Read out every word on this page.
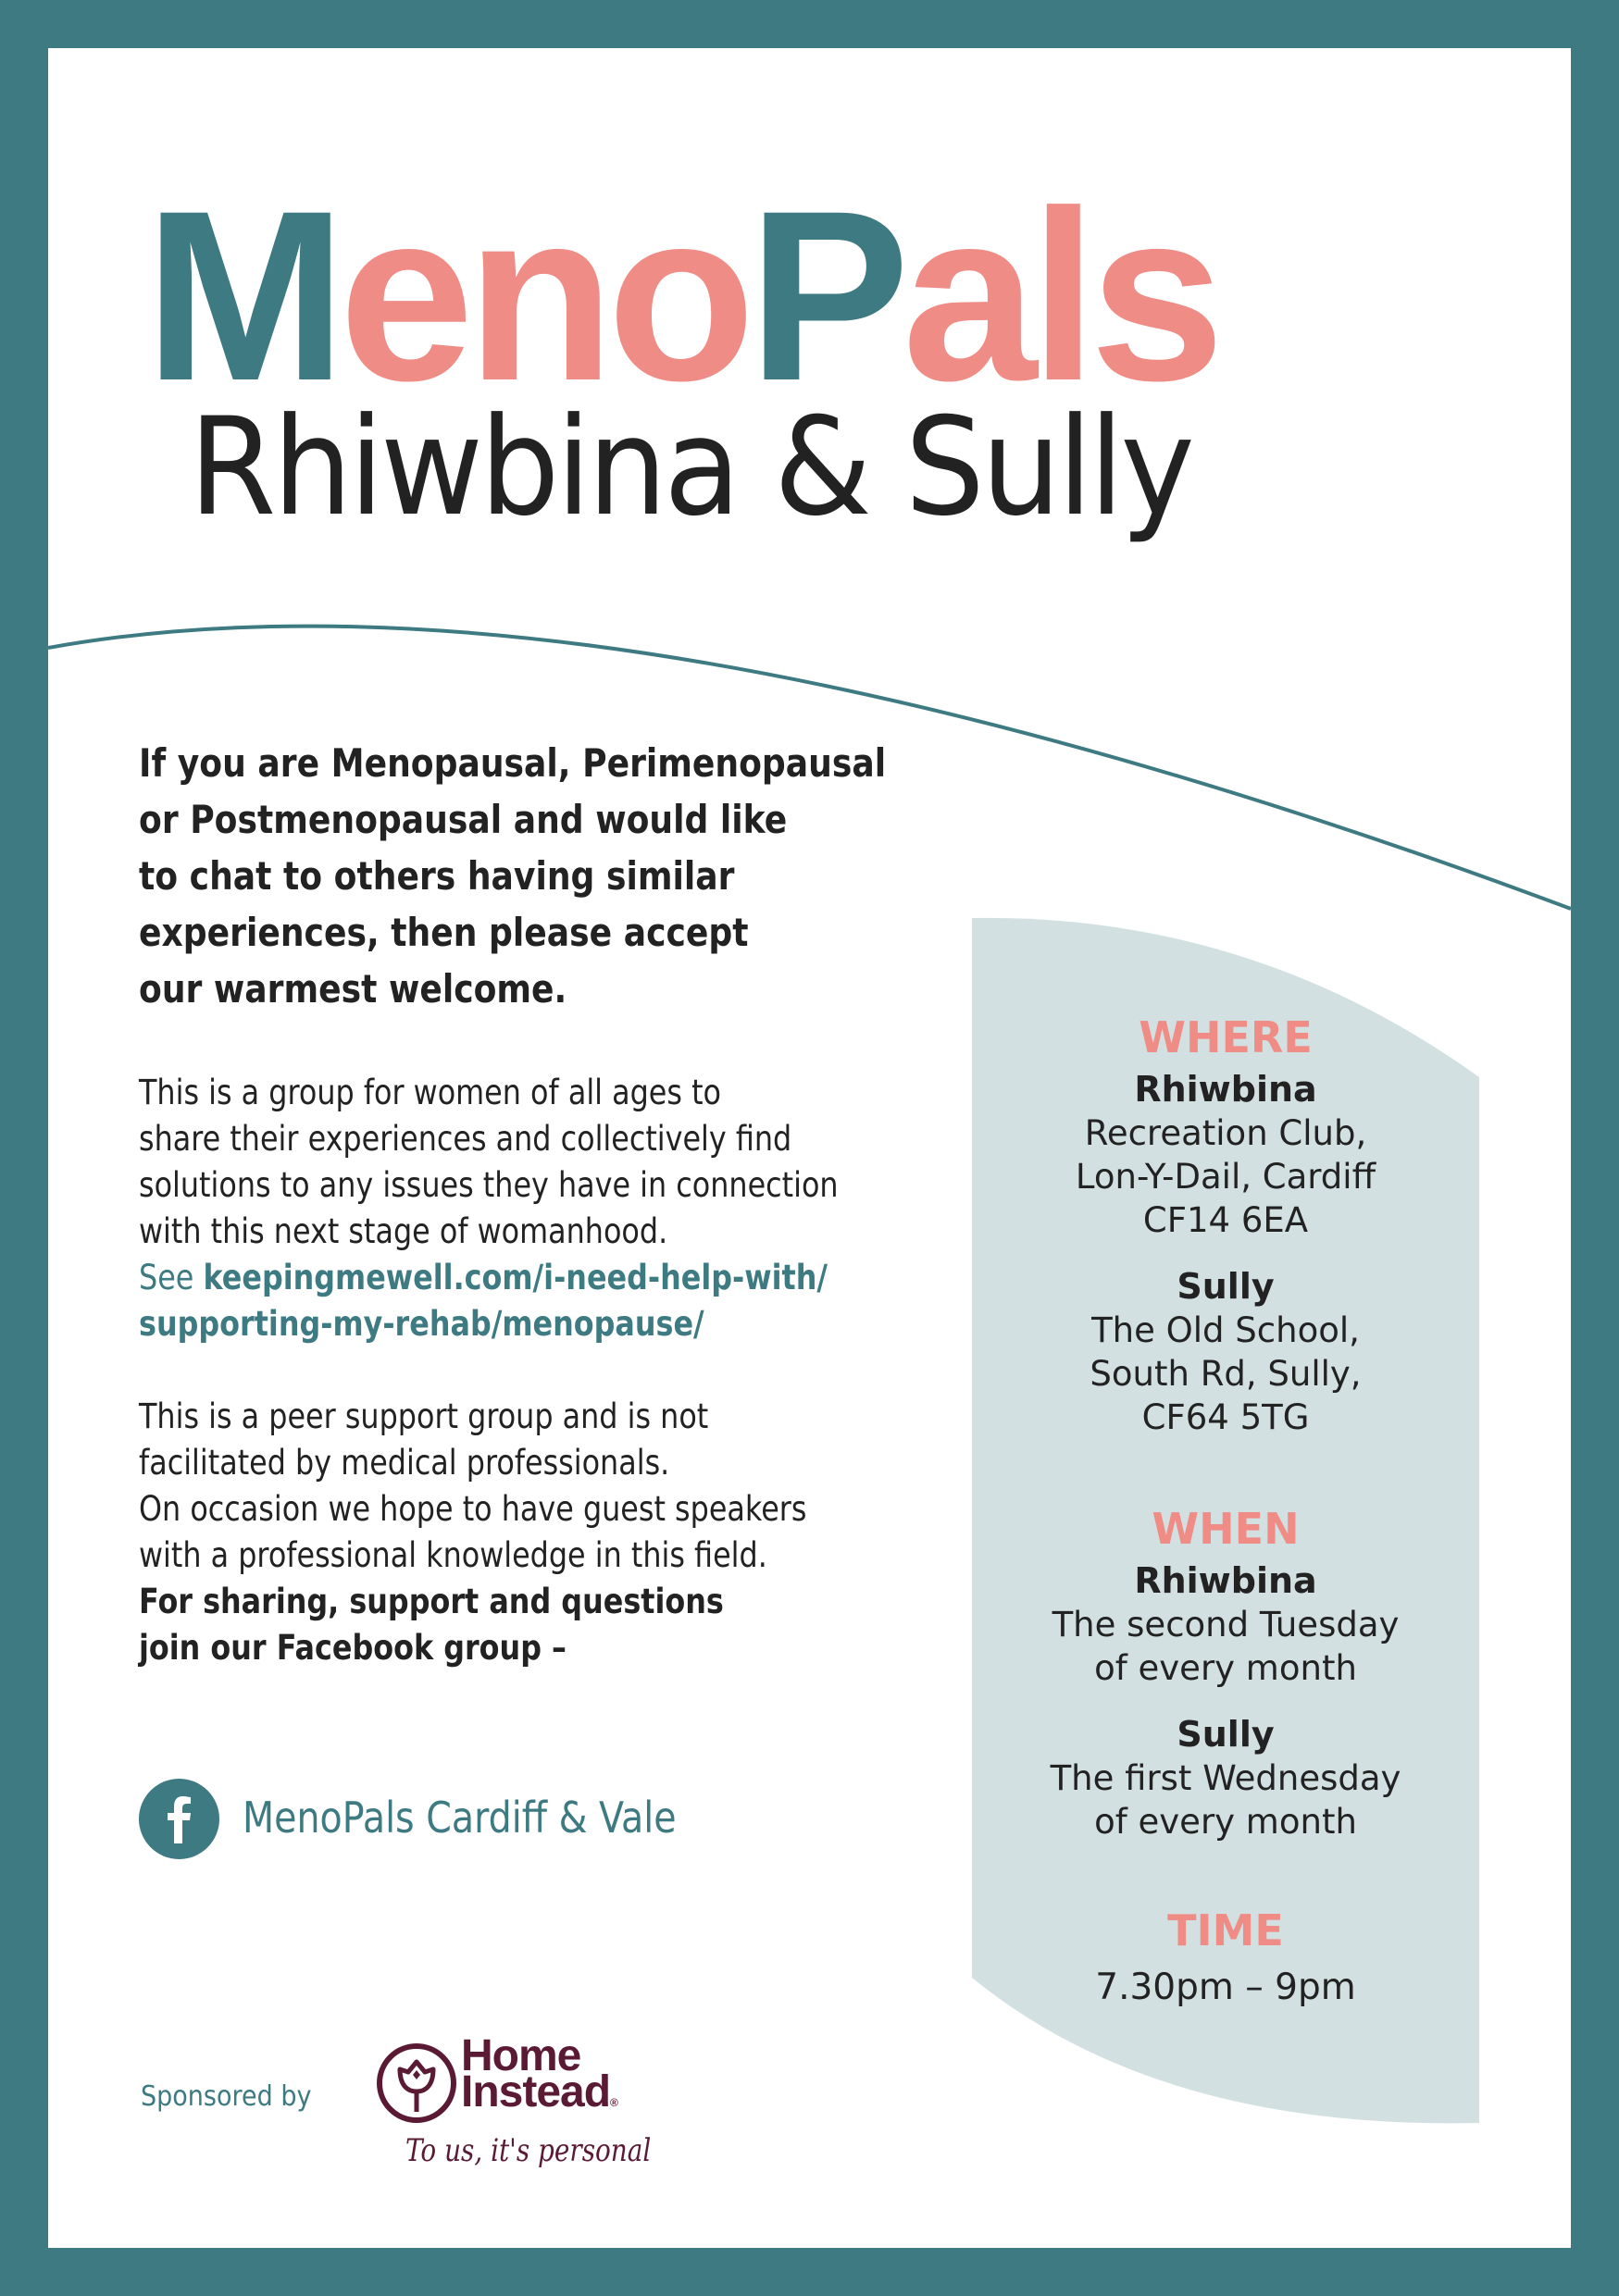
MenoPals
Rhiwbina & Sully
If you are Menopausal, Perimenopausal
or Postmenopausal and would like
to chat to others having similar
experiences, then please accept
our warmest welcome.
This is a group for women of all ages to
share their experiences and collectively find
solutions to any issues they have in connection
with this next stage of womanhood.
See keepingmewell.com/i-need-help-with/
supporting-my-rehab/menopause/
This is a peer support group and is not
facilitated by medical professionals.
On occasion we hope to have guest speakers
with a professional knowledge in this field.
For sharing, support and questions
join our Facebook group –
MenoPals Cardiff & Vale
Sponsored by
Home
Instead®
To us, it's personal
WHERE
Rhiwbina
Recreation Club,
Lon-Y-Dail, Cardiff
CF14 6EA
Sully
The Old School,
South Rd, Sully,
CF64 5TG
WHEN
Rhiwbina
The second Tuesday
of every month
Sully
The first Wednesday
of every month
TIME
7.30pm – 9pm
